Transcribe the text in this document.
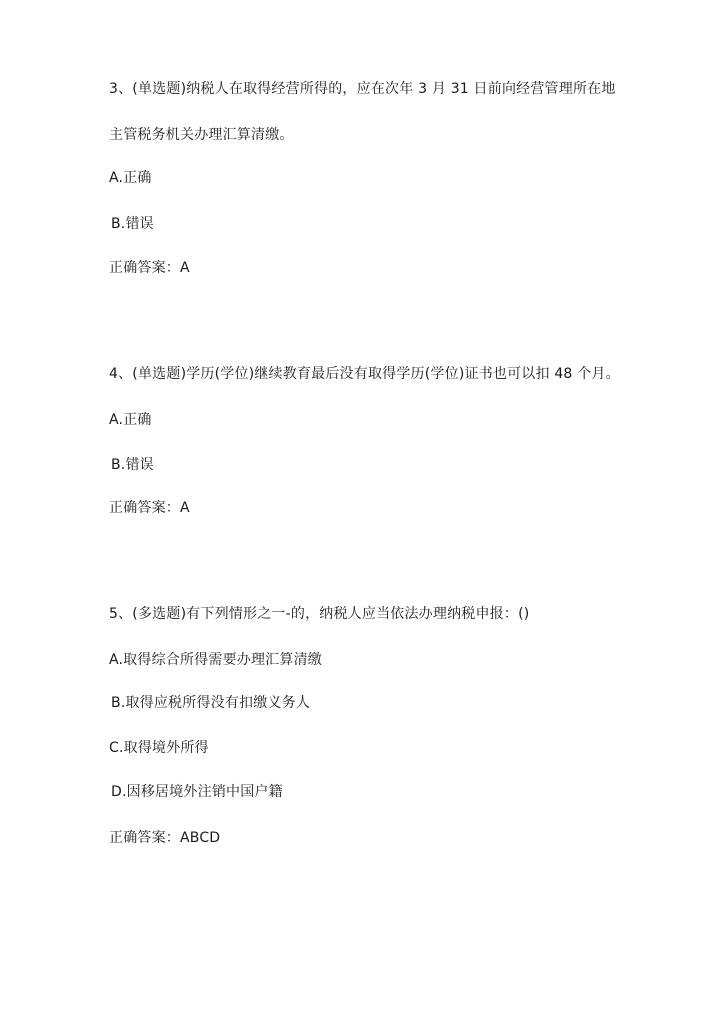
3、(单选题)纳税人在取得经营所得的，应在次年 3 月 31 日前向经营管理所在地
主管税务机关办理汇算清缴。
A.正确
B.错误
正确答案：A
4、(单选题)学历(学位)继续教育最后没有取得学历(学位)证书也可以扣 48 个月。
A.正确
B.错误
正确答案：A
5、(多选题)有下列情形之一-的，纳税人应当依法办理纳税申报：()
A.取得综合所得需要办理汇算清缴
B.取得应税所得没有扣缴义务人
C.取得境外所得
D.因移居境外注销中国户籍
正确答案：ABCD
